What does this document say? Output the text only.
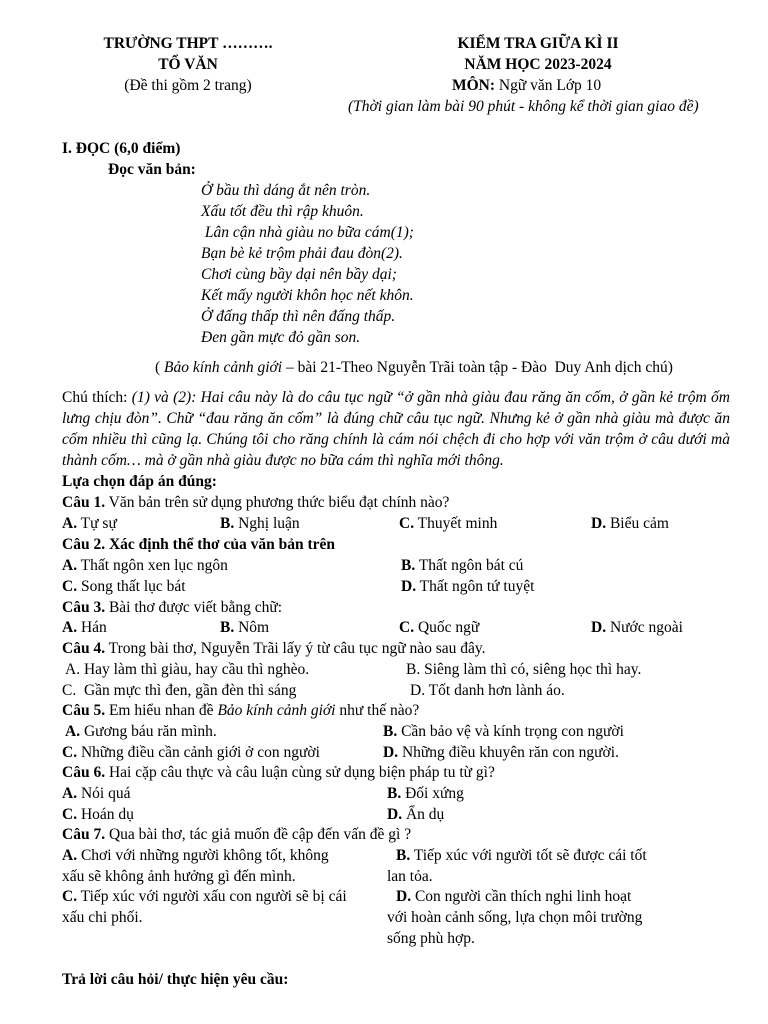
TRƯỜNG THPT ……….
TỔ VĂN
(Đề thi gồm 2 trang)
KIỂM TRA GIỮA KÌ II
NĂM HỌC 2023-2024
MÔN: Ngữ văn Lớp 10
(Thời gian làm bài 90 phút - không kể thời gian giao đề)
I. ĐỌC (6,0 điểm)
Đọc văn bản:
Ở bầu thì dáng ắt nên tròn.
Xấu tốt đều thì rập khuôn.
Lân cận nhà giàu no bữa cám(1);
Bạn bè kẻ trộm phải đau đòn(2).
Chơi cùng bầy dại nên bầy dại;
Kết mấy người khôn học nết khôn.
Ở đấng thấp thì nên đấng thấp.
Đen gần mực đỏ gần son.
( Bảo kính cảnh giới – bài 21-Theo Nguyễn Trãi toàn tập - Đào  Duy Anh dịch chú)
Chú thích: (1) và (2): Hai câu này là do câu tục ngữ “ở gần nhà giàu đau răng ăn cốm, ở gần kẻ trộm ốm lưng chịu đòn”. Chữ “đau răng ăn cốm” là đúng chữ câu tục ngữ. Nhưng kẻ ở gần nhà giàu mà được ăn cốm nhiều thì cũng lạ. Chúng tôi cho răng chính là cám nói chệch đi cho hợp với văn trộm ở câu dưới mà thành cốm… mà ở gần nhà giàu được no bữa cám thì nghĩa mới thông.
Lựa chọn đáp án đúng:
Câu 1. Văn bản trên sử dụng phương thức biểu đạt chính nào?
A. Tự sự	B. Nghị luận	C. Thuyết minh	D. Biểu cảm
Câu 2. Xác định thể thơ của văn bản trên
A. Thất ngôn xen lục ngôn	B. Thất ngôn bát cú
C. Song thất lục bát	D. Thất ngôn tứ tuyệt
Câu 3. Bài thơ được viết bằng chữ:
A. Hán	B. Nôm	C. Quốc ngữ	D. Nước ngoài
Câu 4. Trong bài thơ, Nguyễn Trãi lấy ý từ câu tục ngữ nào sau đây.
A. Hay làm thì giàu, hay cầu thì nghèo.	B. Siêng làm thì có, siêng học thì hay.
C.  Gần mực thì đen, gần đèn thì sáng	D. Tốt danh hơn lành áo.
Câu 5. Em hiểu nhan đề Bảo kính cảnh giới như thế nào?
A. Gương báu răn mình.	B. Cần bảo vệ và kính trọng con người
C. Những điều cần cảnh giới ở con người	D. Những điều khuyên răn con người.
Câu 6. Hai cặp câu thực và câu luận cùng sử dụng biện pháp tu từ gì?
A. Nói quá	B. Đối xứng
C. Hoán dụ	D. Ẩn dụ
Câu 7. Qua bài thơ, tác giả muốn đề cập đến vấn đề gì ?
A. Chơi với những người không tốt, không
xấu sẽ không ảnh hưởng gì đến mình.
B. Tiếp xúc với người tốt sẽ được cái tốt
lan tỏa.
C. Tiếp xúc với người xấu con người sẽ bị cái
xấu chi phối.
D. Con người cần thích nghi linh hoạt
với hoàn cảnh sống, lựa chọn môi trường
sống phù hợp.
Trả lời câu hỏi/ thực hiện yêu cầu:
